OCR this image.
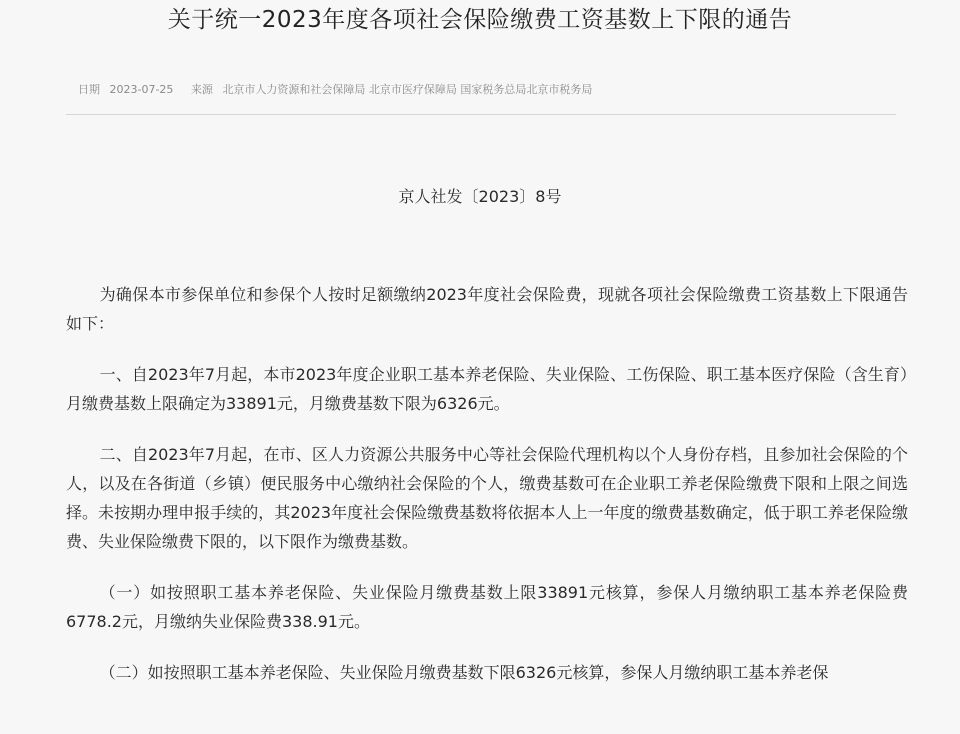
关于统一2023年度各项社会保险缴费工资基数上下限的通告
日期 2023-07-25 来源 北京市人力资源和社会保障局 北京市医疗保障局 国家税务总局北京市税务局
京人社发〔2023〕8号

为确保本市参保单位和参保个人按时足额缴纳2023年度社会保险费，现就各项社会保险缴费工资基数上下限通告如下：

一、自2023年7月起，本市2023年度企业职工基本养老保险、失业保险、工伤保险、职工基本医疗保险（含生育）月缴费基数上限确定为33891元，月缴费基数下限为6326元。

二、自2023年7月起，在市、区人力资源公共服务中心等社会保险代理机构以个人身份存档，且参加社会保险的个人，以及在各街道（乡镇）便民服务中心缴纳社会保险的个人，缴费基数可在企业职工养老保险缴费下限和上限之间选择。未按期办理申报手续的，其2023年度社会保险缴费基数将依据本人上一年度的缴费基数确定，低于职工养老保险缴费、失业保险缴费下限的，以下限作为缴费基数。

（一）如按照职工基本养老保险、失业保险月缴费基数上限33891元核算，参保人月缴纳职工基本养老保险费6778.2元，月缴纳失业保险费338.91元。

（二）如按照职工基本养老保险、失业保险月缴费基数下限6326元核算，参保人月缴纳职工基本养老保
